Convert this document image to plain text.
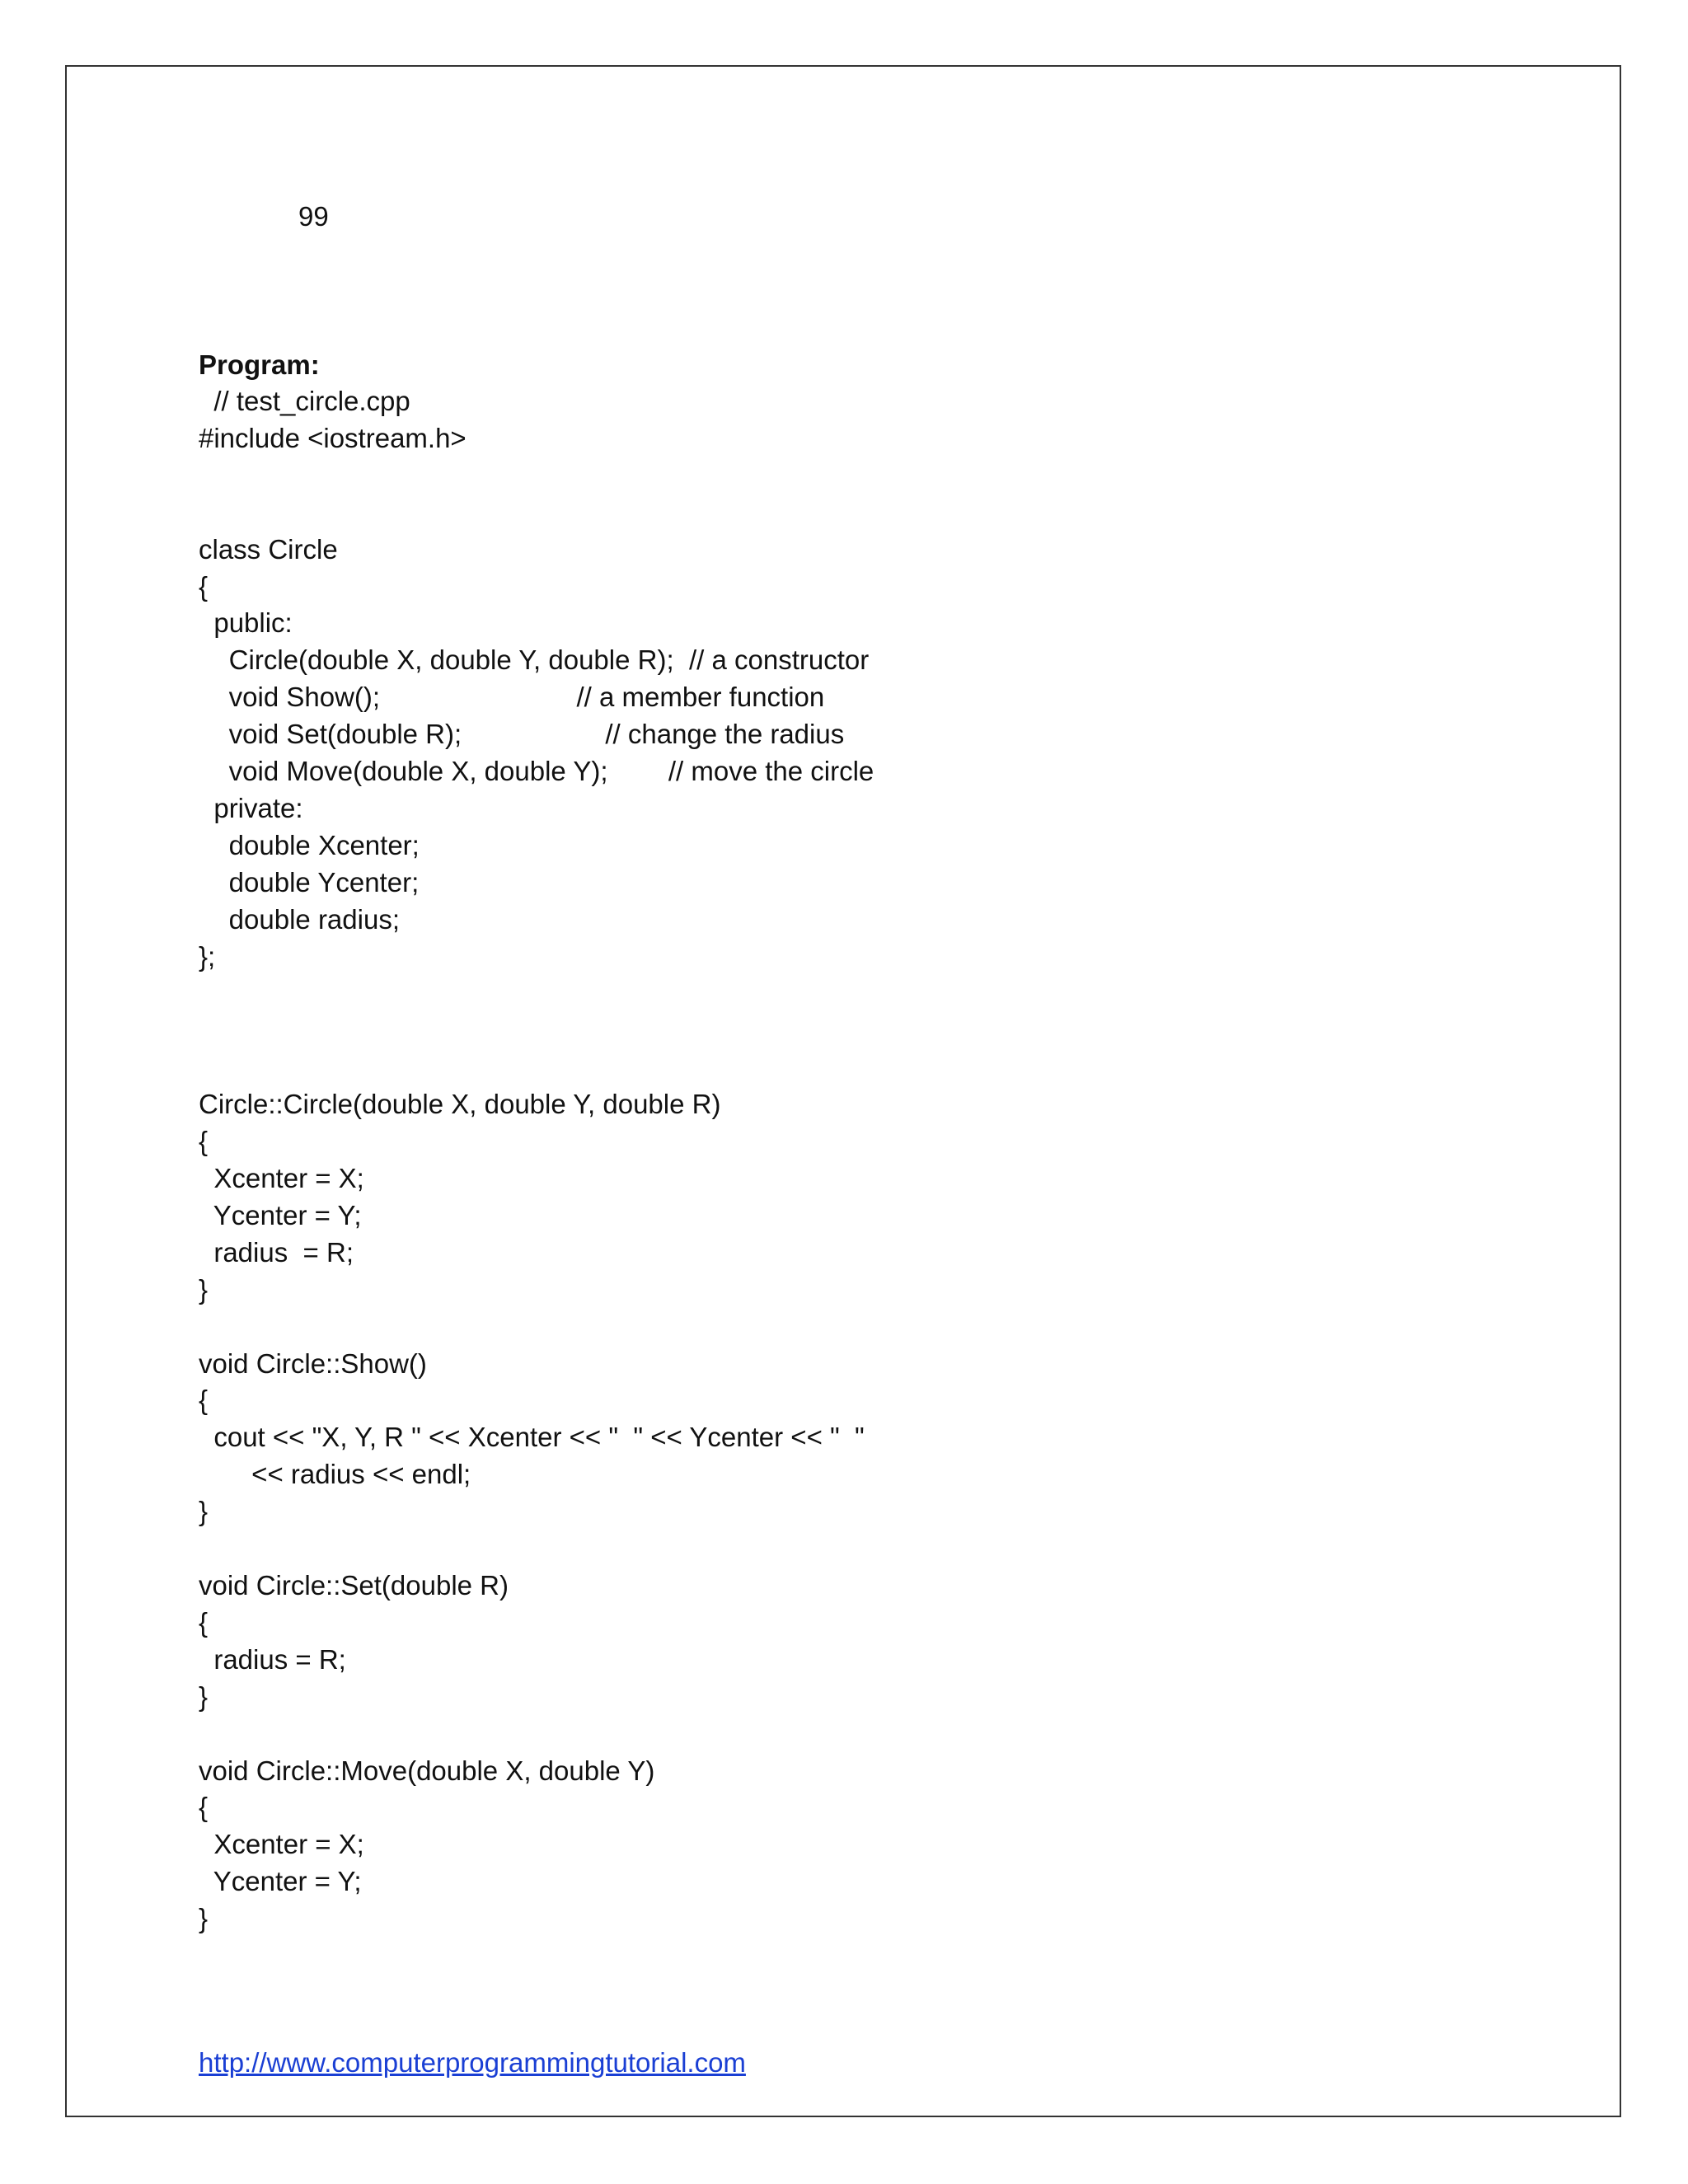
99
Program:
// test_circle.cpp
#include <iostream.h>

class Circle
{
public:
Circle(double X, double Y, double R);  // a constructor
void Show();                          // a member function
void Set(double R);                   // change the radius
void Move(double X, double Y);        // move the circle
private:
double Xcenter;
double Ycenter;
double radius;
};

Circle::Circle(double X, double Y, double R)
{
Xcenter = X;
Ycenter = Y;
radius  = R;
}

void Circle::Show()
{
cout << "X, Y, R " << Xcenter << "  " << Ycenter << "  "
<< radius << endl;
}

void Circle::Set(double R)
{
radius = R;
}

void Circle::Move(double X, double Y)
{
Xcenter = X;
Ycenter = Y;
}
http://www.computerprogrammingtutorial.com
